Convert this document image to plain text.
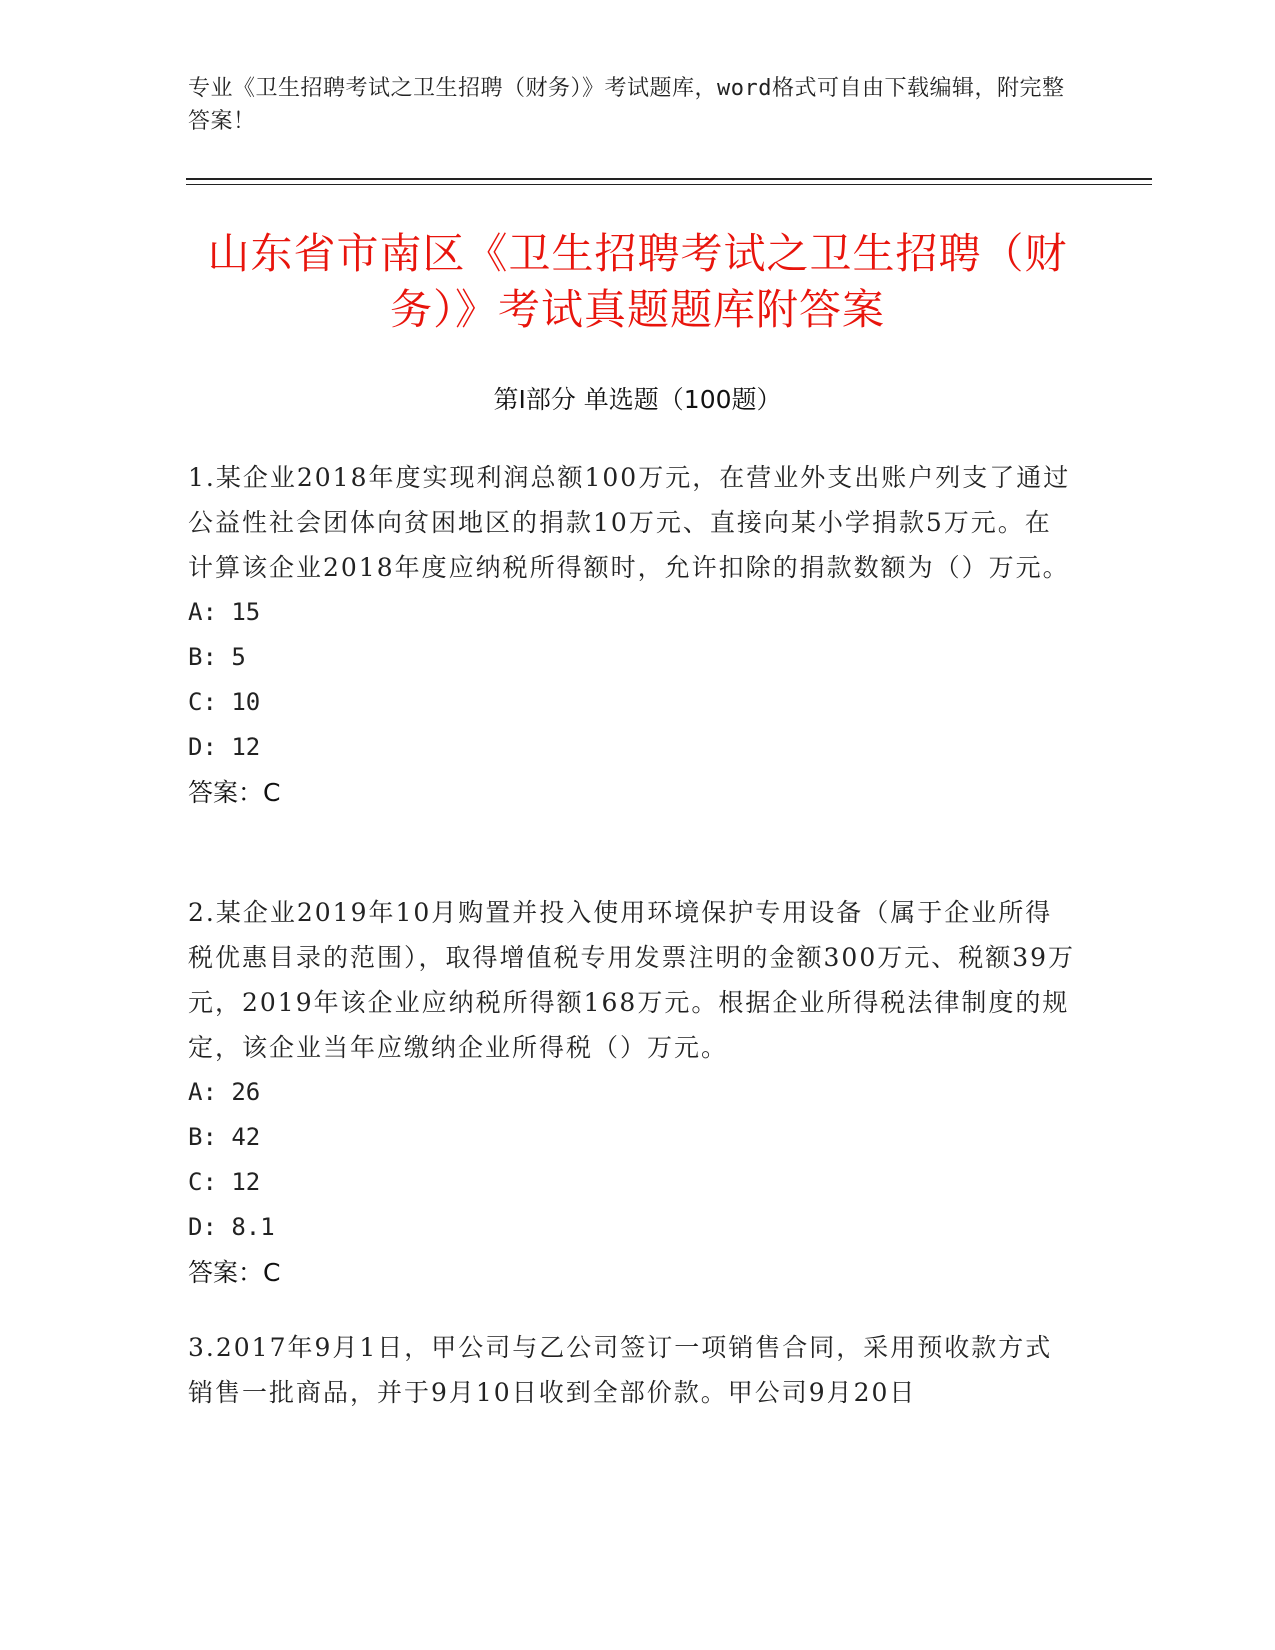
专业《卫生招聘考试之卫生招聘（财务）》考试题库，word格式可自由下载编辑，附完整答案！
山东省市南区《卫生招聘考试之卫生招聘（财务）》考试真题题库附答案
第Ⅰ部分 单选题（100题）
1.某企业2018年度实现利润总额100万元，在营业外支出账户列支了通过公益性社会团体向贫困地区的捐款10万元、直接向某小学捐款5万元。在计算该企业2018年度应纳税所得额时，允许扣除的捐款数额为（）万元。
A: 15
B: 5
C: 10
D: 12
答案：C
2.某企业2019年10月购置并投入使用环境保护专用设备（属于企业所得税优惠目录的范围），取得增值税专用发票注明的金额300万元、税额39万元，2019年该企业应纳税所得额168万元。根据企业所得税法律制度的规定，该企业当年应缴纳企业所得税（）万元。
A: 26
B: 42
C: 12
D: 8.1
答案：C
3.2017年9月1日，甲公司与乙公司签订一项销售合同，采用预收款方式销售一批商品，并于9月10日收到全部价款。甲公司9月20日
